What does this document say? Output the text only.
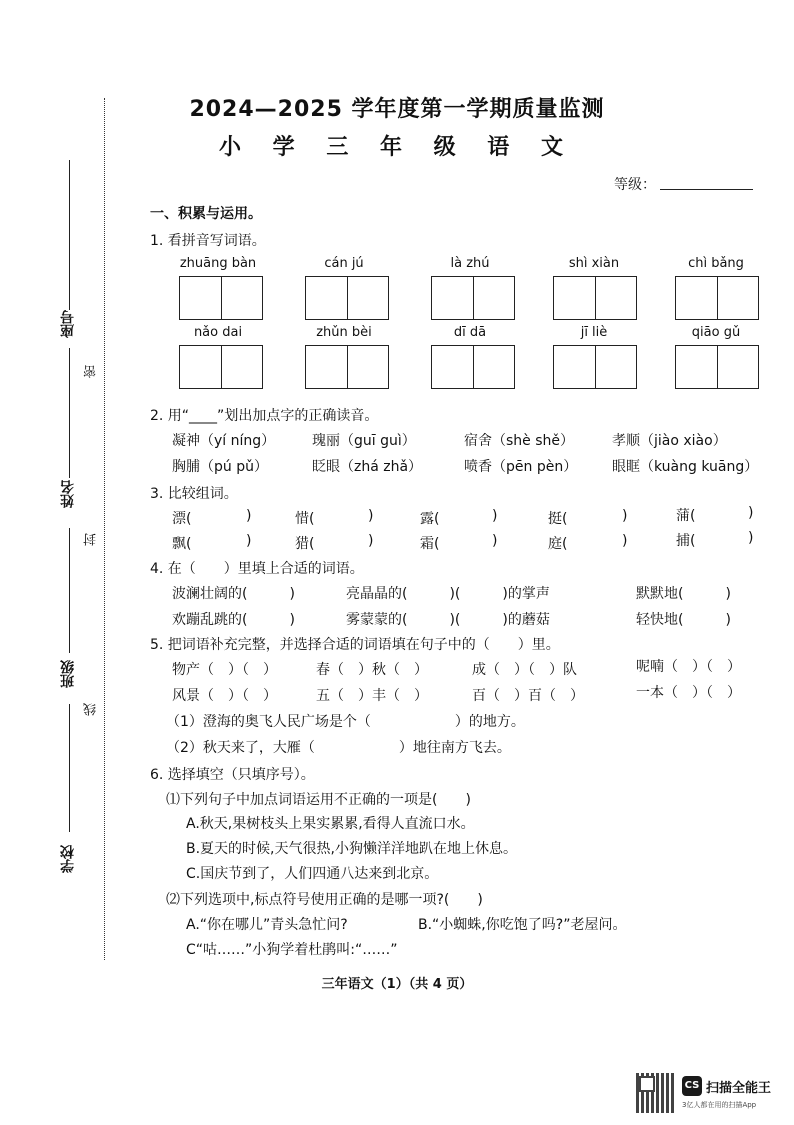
座号
姓名
班级
学校
密
封
线
2024—2025 学年度第一学期质量监测
小 学 三 年 级 语 文
等级：
一、积累与运用。
1. 看拼音写词语。
zhuāng bàn	cán jú	là zhú	shì xiàn	chì bǎng
nǎo dai	zhǔn bèi	dī dā	jī liè	qiāo gǔ
2. 用“____”划出加点字的正确读音。
凝神（yí níng）	瑰丽（guī guì）	宿舍（shè shě）	孝顺（jiào xiào）
胸脯（pú pǔ）	眨眼（zhá zhǎ）	喷香（pēn pèn） 眼眶（kuàng kuāng）
3. 比较组词。
漂(	)	惜(	)	露(	)	挺(	)	蒲(	)
飘(	)	猎(	)	霜(	)	庭(	)	捕(	)
4. 在（　　）里填上合适的词语。
波澜壮阔的(　　　)	亮晶晶的(　　　)(　　　)的掌声	默默地(　　　)
欢蹦乱跳的(　　　)	雾蒙蒙的(　　　)(　　　)的蘑菇	轻快地(　　　)
5. 把词语补充完整，并选择合适的词语填在句子中的（　　）里。
物产（　）（　）	春（　）秋（　）	成（　）（　）队	呢喃（　）（　）
风景（　）（　）	五（　）丰（　）	百（　）百（　）	一本（　）（　）
（1）澄海的奥飞人民广场是个（　　　　　　）的地方。
（2）秋天来了，大雁（　　　　　　）地往南方飞去。
6. 选择填空（只填序号）。
⑴下列句子中加点词语运用不正确的一项是(　　)
A.秋天,果树枝头上果实累累,看得人直流口水。
B.夏天的时候,天气很热,小狗懒洋洋地趴在地上休息。
C.国庆节到了，人们四通八达来到北京。
⑵下列选项中,标点符号使用正确的是哪一项?(　　)
A.“你在哪儿”青头急忙问?	B.“小蜘蛛,你吃饱了吗?”老屋问。
C“咕……”小狗学着杜鹃叫:“……”
三年语文（1）（共 4 页）
CS 扫描全能王
3亿人都在用的扫描App
